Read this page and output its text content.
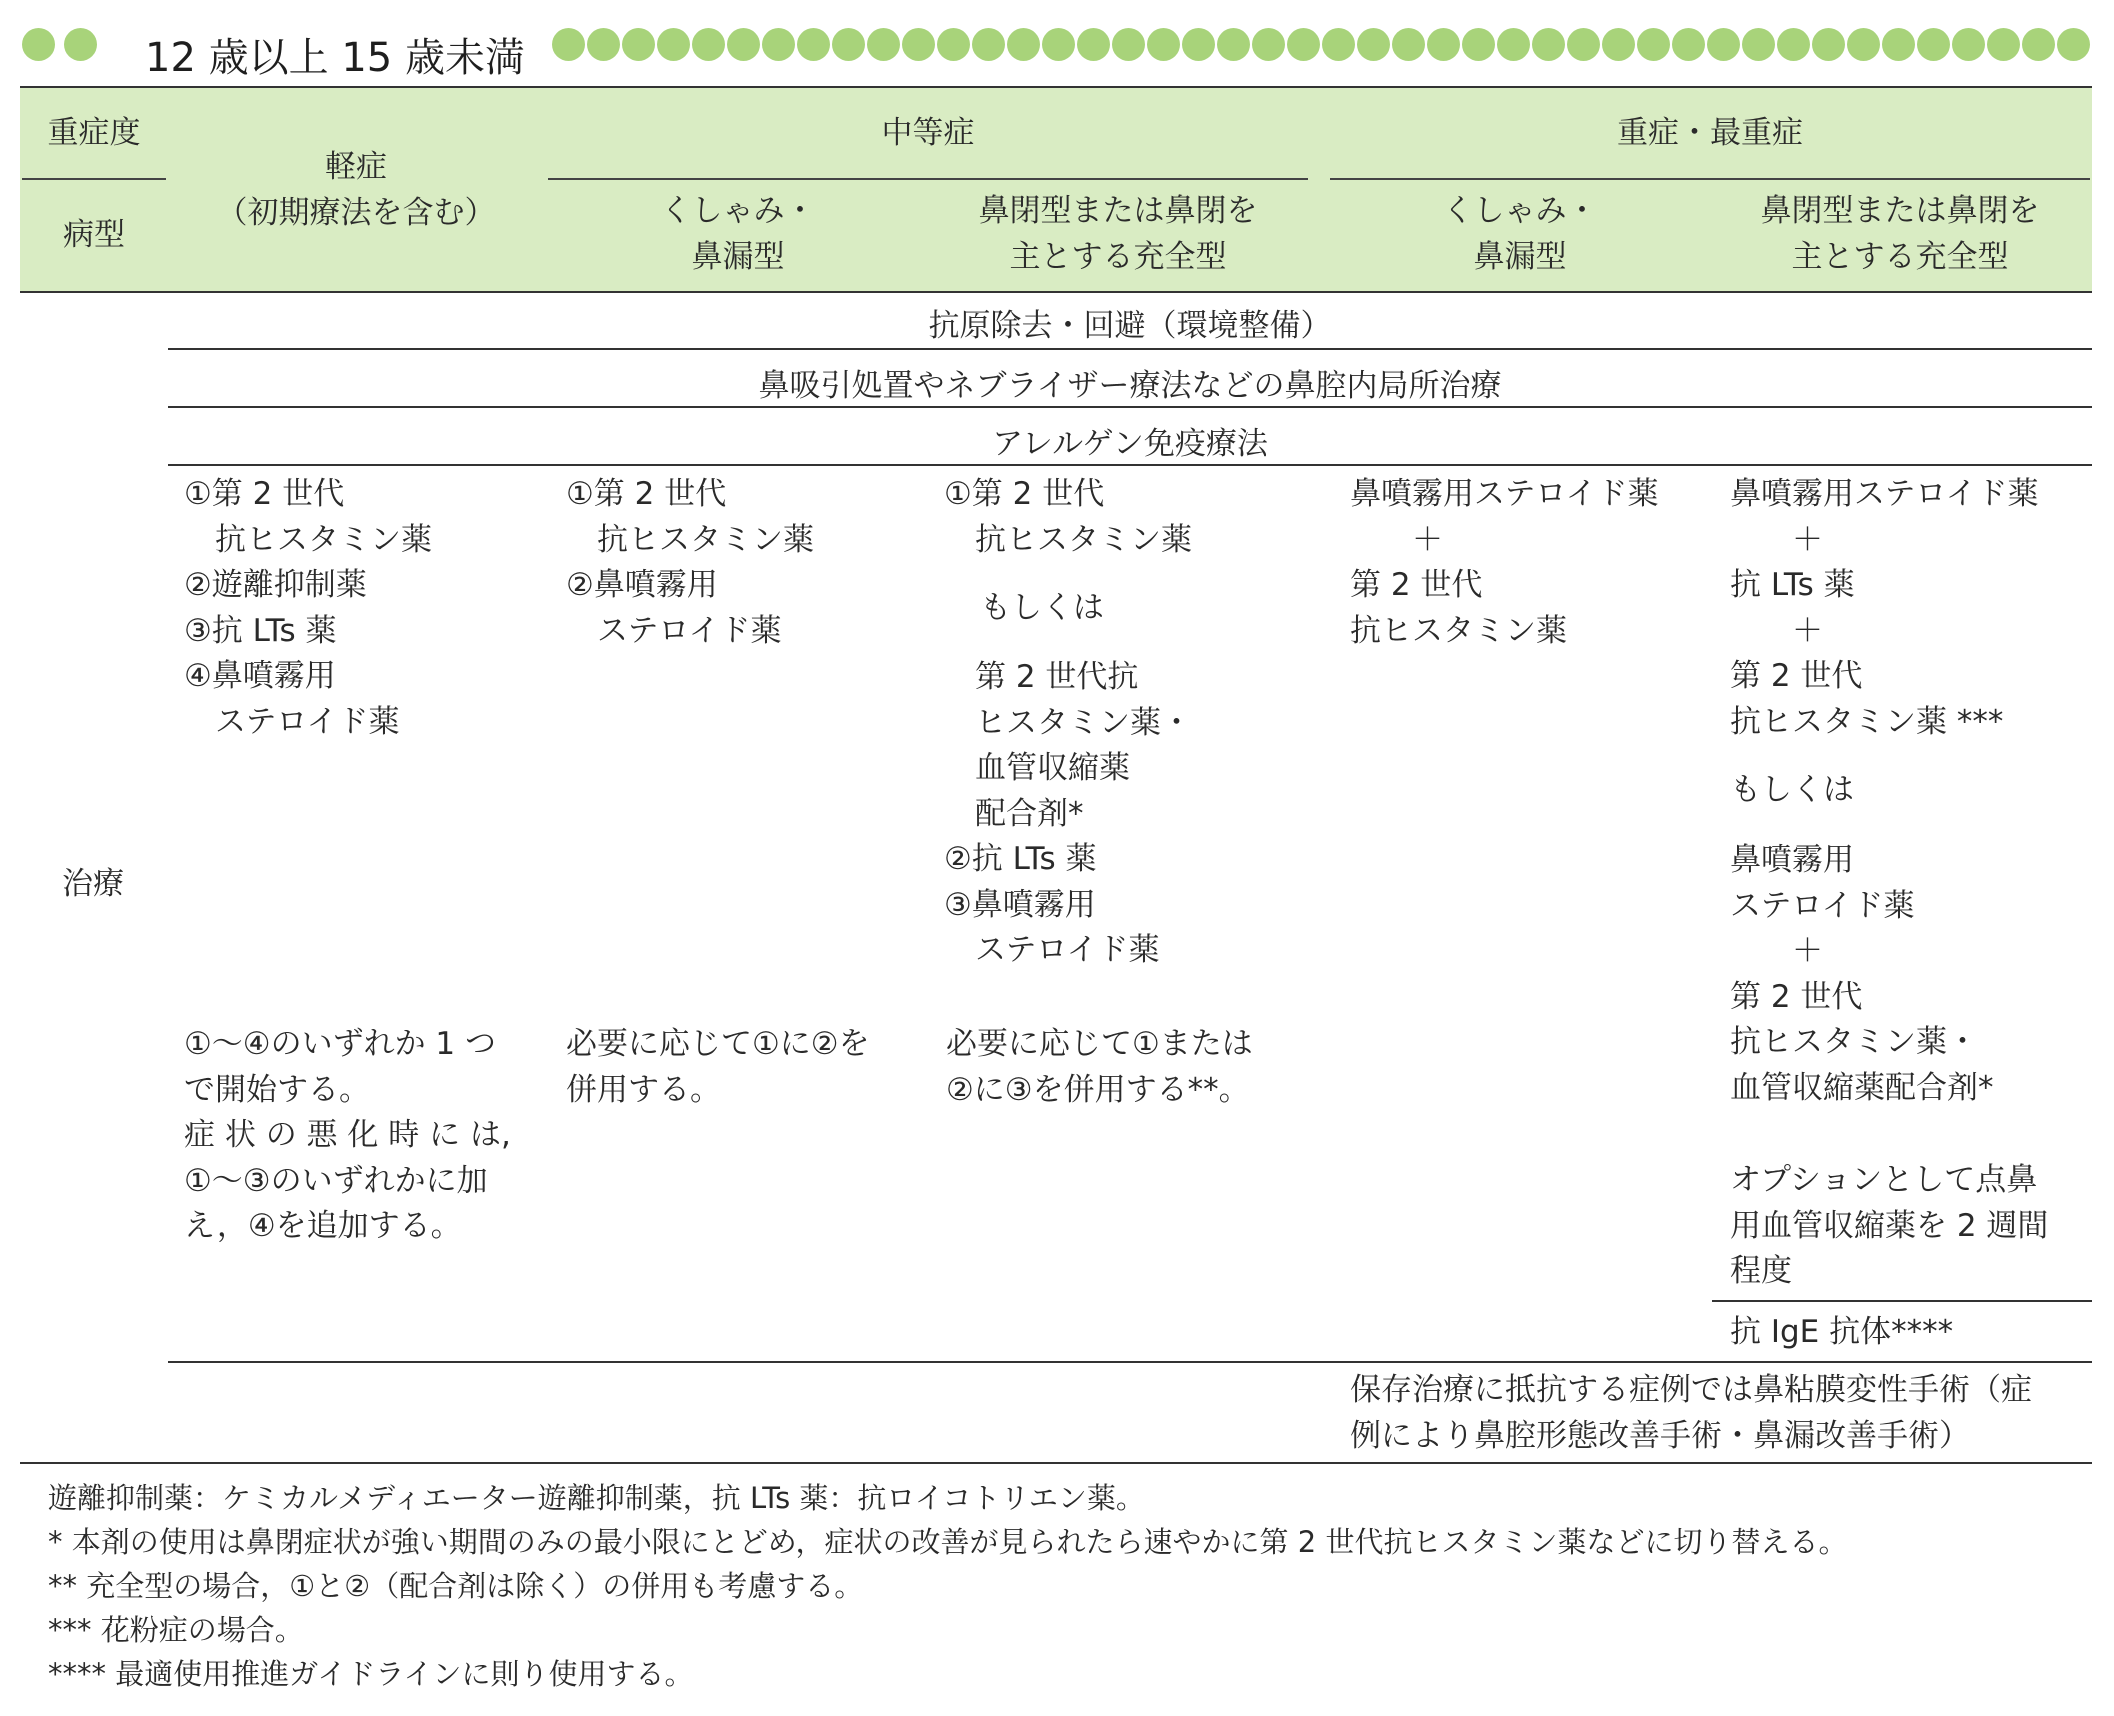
12 歳以上 15 歳未満
重症度
病型
軽症
（初期療法を含む）
中等症	重症・最重症
くしゃみ・
鼻漏型
鼻閉型または鼻閉を
主とする充全型
くしゃみ・
鼻漏型
鼻閉型または鼻閉を
主とする充全型
治療
抗原除去・回避（環境整備）
鼻吸引処置やネブライザー療法などの鼻腔内局所治療
アレルゲン免疫療法
①第 2 世代
　抗ヒスタミン薬
②遊離抑制薬
③抗 LTs 薬
④鼻噴霧用
　ステロイド薬
①～④のいずれか 1 つ
で開始する。
症 状 の 悪 化 時 に は,
①～③のいずれかに加
え，④を追加する。
①第 2 世代
　抗ヒスタミン薬
②鼻噴霧用
　ステロイド薬
必要に応じて①に②を
併用する。
①第 2 世代
　抗ヒスタミン薬
もしくは
　第 2 世代抗
　ヒスタミン薬・
　血管収縮薬
　配合剤*
②抗 LTs 薬
③鼻噴霧用
　ステロイド薬
必要に応じて①または
②に③を併用する**。
鼻噴霧用ステロイド薬
　　＋
第 2 世代
抗ヒスタミン薬
鼻噴霧用ステロイド薬
　　＋
抗 LTs 薬
　　＋
第 2 世代
抗ヒスタミン薬 ***
もしくは
鼻噴霧用
ステロイド薬
　　＋
第 2 世代
抗ヒスタミン薬・
血管収縮薬配合剤*
オプションとして点鼻
用血管収縮薬を 2 週間
程度
抗 IgE 抗体****
保存治療に抵抗する症例では鼻粘膜変性手術（症
例により鼻腔形態改善手術・鼻漏改善手術）
遊離抑制薬：ケミカルメディエーター遊離抑制薬，抗 LTs 薬：抗ロイコトリエン薬。
* 本剤の使用は鼻閉症状が強い期間のみの最小限にとどめ，症状の改善が見られたら速やかに第 2 世代抗ヒスタミン薬などに切り替える。
** 充全型の場合，①と②（配合剤は除く）の併用も考慮する。
*** 花粉症の場合。
**** 最適使用推進ガイドラインに則り使用する。
